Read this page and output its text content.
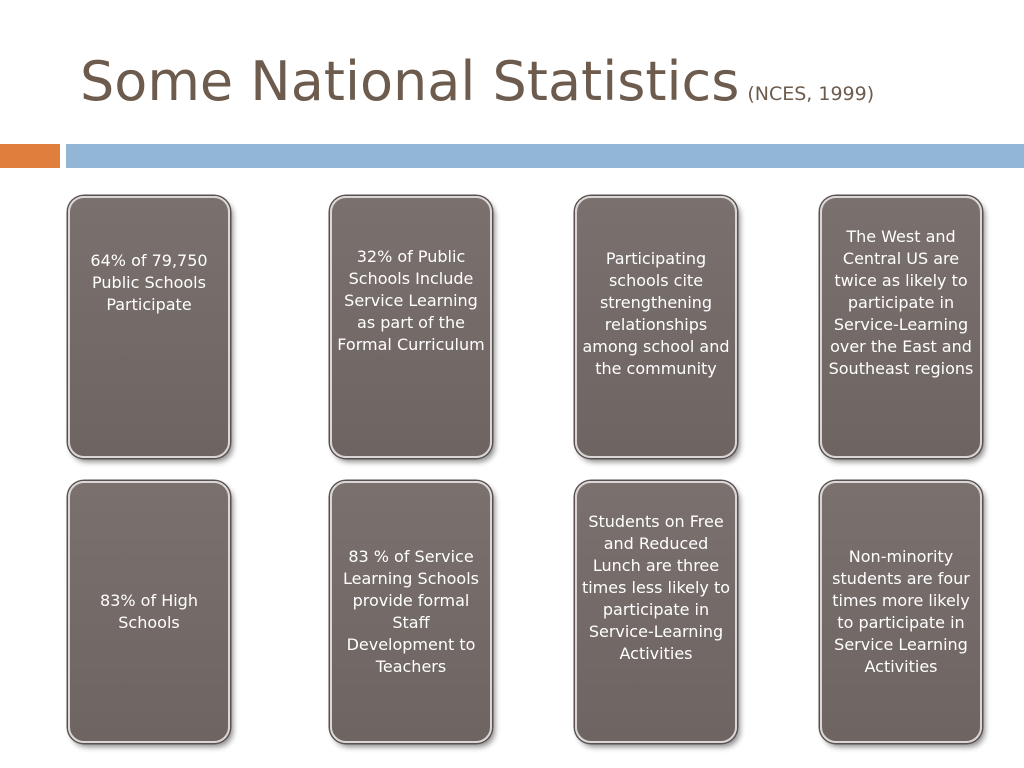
Some National Statistics (NCES, 1999)
64% of 79,750 Public Schools Participate
32% of Public Schools Include Service Learning as part of the Formal Curriculum
Participating schools cite strengthening relationships among school and the community
The West and Central US are twice as likely to participate in Service-Learning over the East and Southeast regions
83% of High Schools
83 % of Service Learning Schools provide formal Staff Development to Teachers
Students on Free and Reduced Lunch are three times less likely to participate in Service-Learning Activities
Non-minority students are four times more likely to participate in Service Learning Activities
